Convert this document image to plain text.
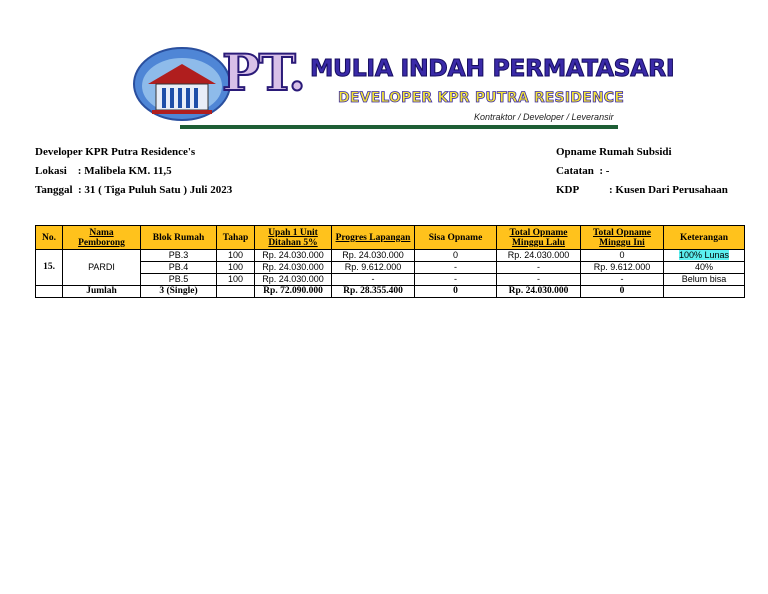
PT. MULIA INDAH PERMATASARI
DEVELOPER KPR PUTRA RESIDENCE
Kontraktor / Developer / Leveransir
Developer KPR Putra Residence's
Lokasi    : Malibela KM. 11,5
Tanggal  : 31 ( Tiga Puluh Satu ) Juli 2023
Opname Rumah Subsidi
Catatan  : -
KDP	: Kusen Dari Perusahaan
No.	Nama Pemborong	Blok Rumah	Tahap	Upah 1 Unit Ditahan 5%	Progres Lapangan	Sisa Opname	Total Opname Minggu Lalu	Total Opname Minggu Ini	Keterangan
15.	PARDI	PB.3	100	Rp. 24.030.000	Rp. 24.030.000	0	Rp. 24.030.000	0	100% Lunas
		PB.4	100	Rp. 24.030.000	Rp. 9.612.000	-	-	Rp. 9.612.000	40%
		PB.5	100	Rp. 24.030.000	-	-	-	-	Belum bisa
	Jumlah	3 (Single)		Rp. 72.090.000	Rp. 28.355.400	0	Rp. 24.030.000	0	
